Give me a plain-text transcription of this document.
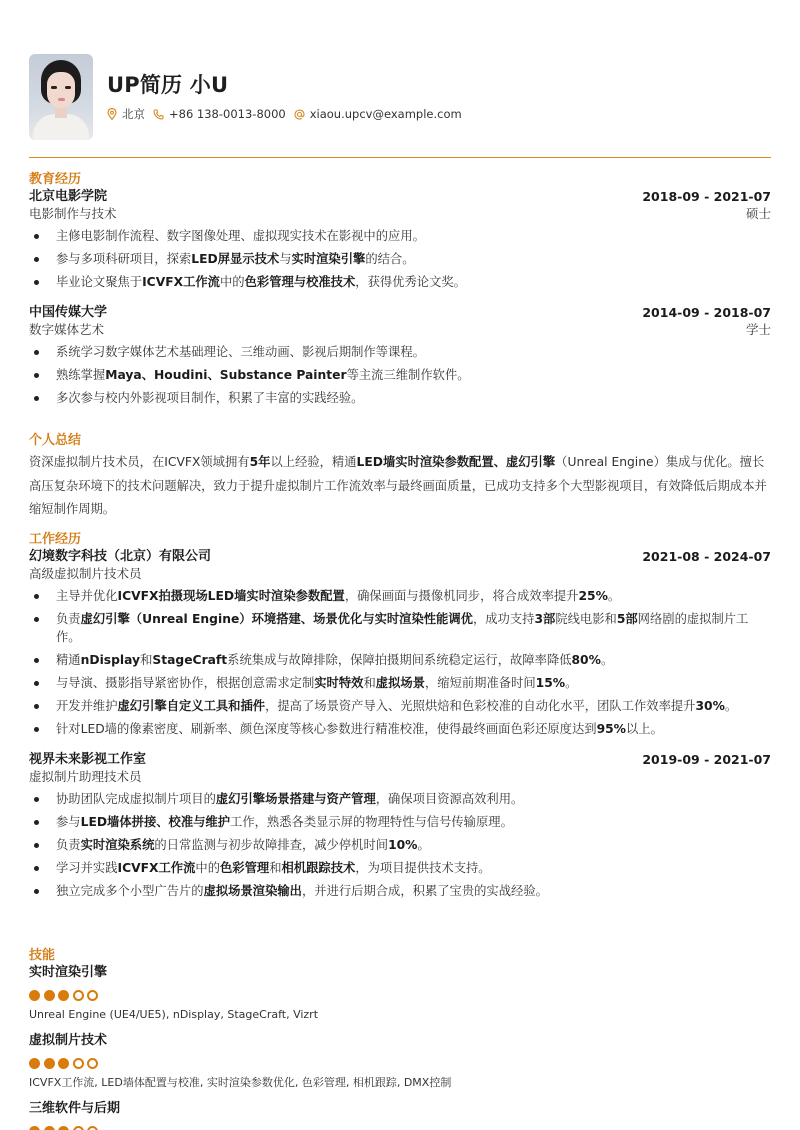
UP简历 小U
北京 +86 138-0013-8000 xiaou.upcv@example.com
教育经历
北京电影学院	2018-09 - 2021-07
电影制作与技术	硕士
主修电影制作流程、数字图像处理、虚拟现实技术在影视中的应用。
参与多项科研项目，探索LED屏显示技术与实时渲染引擎的结合。
毕业论文聚焦于ICVFX工作流中的色彩管理与校准技术，获得优秀论文奖。
中国传媒大学	2014-09 - 2018-07
数字媒体艺术	学士
系统学习数字媒体艺术基础理论、三维动画、影视后期制作等课程。
熟练掌握Maya、Houdini、Substance Painter等主流三维制作软件。
多次参与校内外影视项目制作，积累了丰富的实践经验。
个人总结
资深虚拟制片技术员，在ICVFX领域拥有5年以上经验，精通LED墙实时渲染参数配置、虚幻引擎（Unreal Engine）集成与优化。擅长高压复杂环境下的技术问题解决，致力于提升虚拟制片工作流效率与最终画面质量，已成功支持多个大型影视项目，有效降低后期成本并缩短制作周期。
工作经历
幻境数字科技（北京）有限公司	2021-08 - 2024-07
高级虚拟制片技术员
主导并优化ICVFX拍摄现场LED墙实时渲染参数配置，确保画面与摄像机同步，将合成效率提升25%。
负责虚幻引擎（Unreal Engine）环境搭建、场景优化与实时渲染性能调优，成功支持3部院线电影和5部网络剧的虚拟制片工作。
精通nDisplay和StageCraft系统集成与故障排除，保障拍摄期间系统稳定运行，故障率降低80%。
与导演、摄影指导紧密协作，根据创意需求定制实时特效和虚拟场景，缩短前期准备时间15%。
开发并维护虚幻引擎自定义工具和插件，提高了场景资产导入、光照烘焙和色彩校准的自动化水平，团队工作效率提升30%。
针对LED墙的像素密度、刷新率、颜色深度等核心参数进行精准校准，使得最终画面色彩还原度达到95%以上。
视界未来影视工作室	2019-09 - 2021-07
虚拟制片助理技术员
协助团队完成虚拟制片项目的虚幻引擎场景搭建与资产管理，确保项目资源高效利用。
参与LED墙体拼接、校准与维护工作，熟悉各类显示屏的物理特性与信号传输原理。
负责实时渲染系统的日常监测与初步故障排查，减少停机时间10%。
学习并实践ICVFX工作流中的色彩管理和相机跟踪技术，为项目提供技术支持。
独立完成多个小型广告片的虚拟场景渲染输出，并进行后期合成，积累了宝贵的实战经验。
技能
实时渲染引擎
Unreal Engine (UE4/UE5), nDisplay, StageCraft, Vizrt
虚拟制片技术
ICVFX工作流, LED墙体配置与校准, 实时渲染参数优化, 色彩管理, 相机跟踪, DMX控制
三维软件与后期
